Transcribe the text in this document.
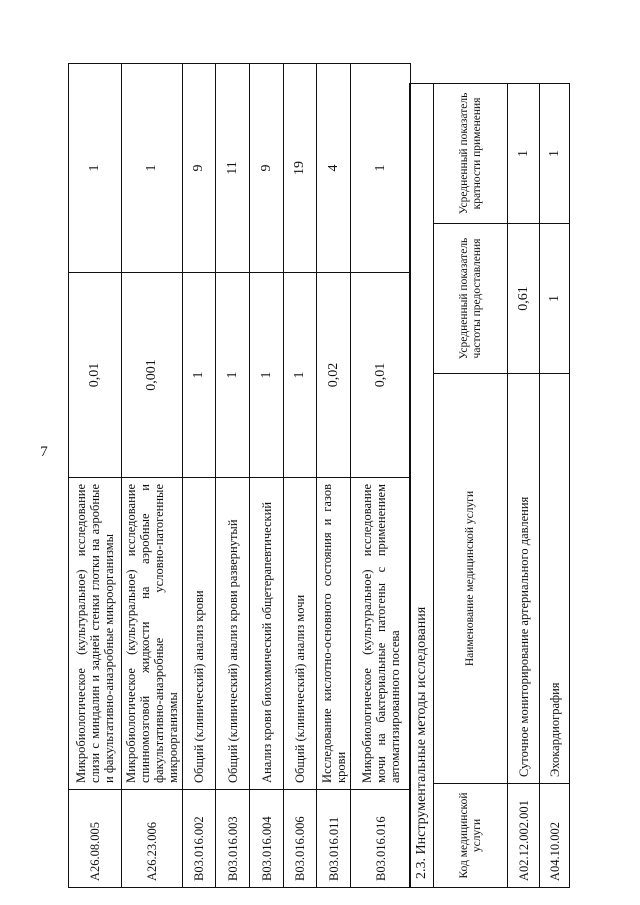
7
A26.08.005	Микробиологическое (культуральное) исследование слизи с миндалин и задней стенки глотки на аэробные и факультативно-анаэробные микроорганизмы	0,01	1
A26.23.006	Микробиологическое (культуральное) исследование спинномозговой жидкости на аэробные и факультативно-анаэробные условно-патогенные микроорганизмы	0,001	1
B03.016.002	Общий (клинический) анализ крови	1	9
B03.016.003	Общий (клинический) анализ крови развернутый	1	11
B03.016.004	Анализ крови биохимический общетерапевтический	1	9
B03.016.006	Общий (клинический) анализ мочи	1	19
B03.016.011	Исследование кислотно-основного состояния и газов крови	0,02	4
B03.016.016	Микробиологическое (культуральное) исследование мочи на бактериальные патогены с применением автоматизированного посева	0,01	1
2.3. Инструментальные методы исследования			
Код медицинской услуги	Наименование медицинской услуги	Усредненный показатель частоты предоставления	Усредненный показатель кратности применения
A02.12.002.001	Суточное мониторирование артериального давления	0,61	1
A04.10.002	Эхокардиография	1	1
